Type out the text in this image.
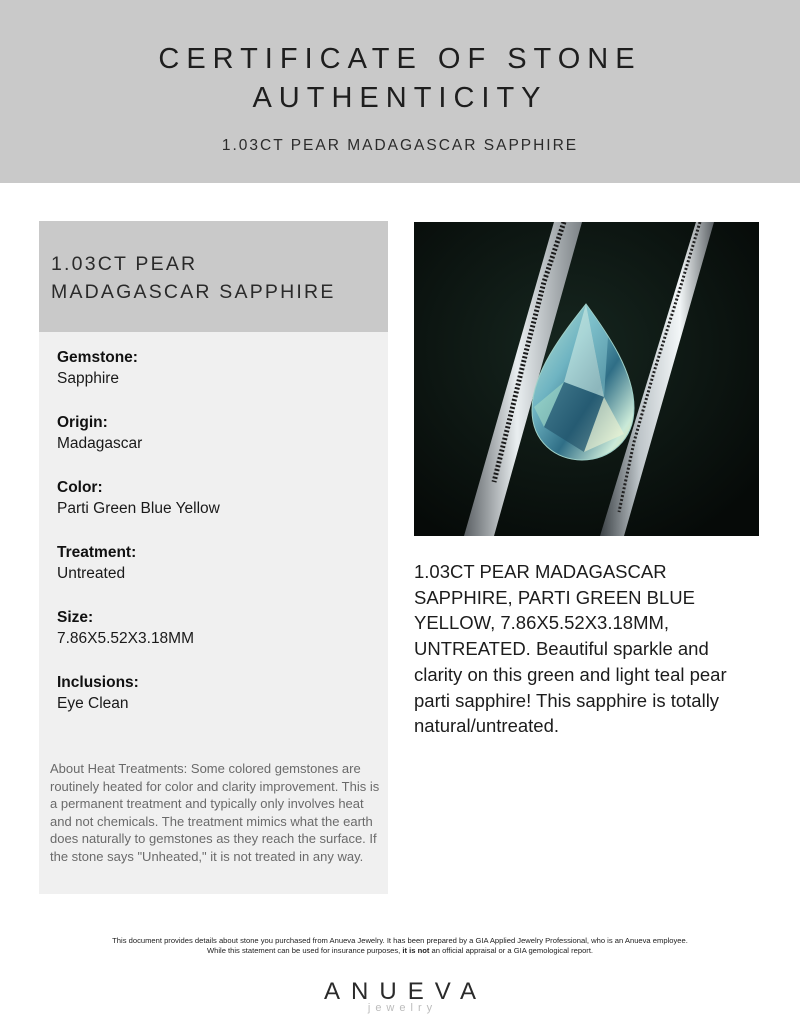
CERTIFICATE OF STONE
AUTHENTICITY
1.03CT PEAR MADAGASCAR SAPPHIRE
1.03CT PEAR
MADAGASCAR SAPPHIRE
Gemstone:
Sapphire
Origin:
Madagascar
Color:
Parti Green Blue Yellow
Treatment:
Untreated
Size:
7.86X5.52X3.18MM
Inclusions:
Eye Clean
About Heat Treatments: Some colored gemstones are routinely heated for color and clarity improvement. This is a permanent treatment and typically only involves heat and not chemicals. The treatment mimics what the earth does naturally to gemstones as they reach the surface. If the stone says "Unheated," it is not treated in any way.
1.03CT PEAR MADAGASCAR SAPPHIRE, PARTI GREEN BLUE YELLOW, 7.86X5.52X3.18MM, UNTREATED. Beautiful sparkle and clarity on this green and light teal pear parti sapphire! This sapphire is totally natural/untreated.
This document provides details about stone you purchased from Anueva Jewelry. It has been prepared by a GIA Applied Jewelry Professional, who is an Anueva employee.
While this statement can be used for insurance purposes, it is not an official appraisal or a GIA gemological report.
ANUEVA
jewelry
